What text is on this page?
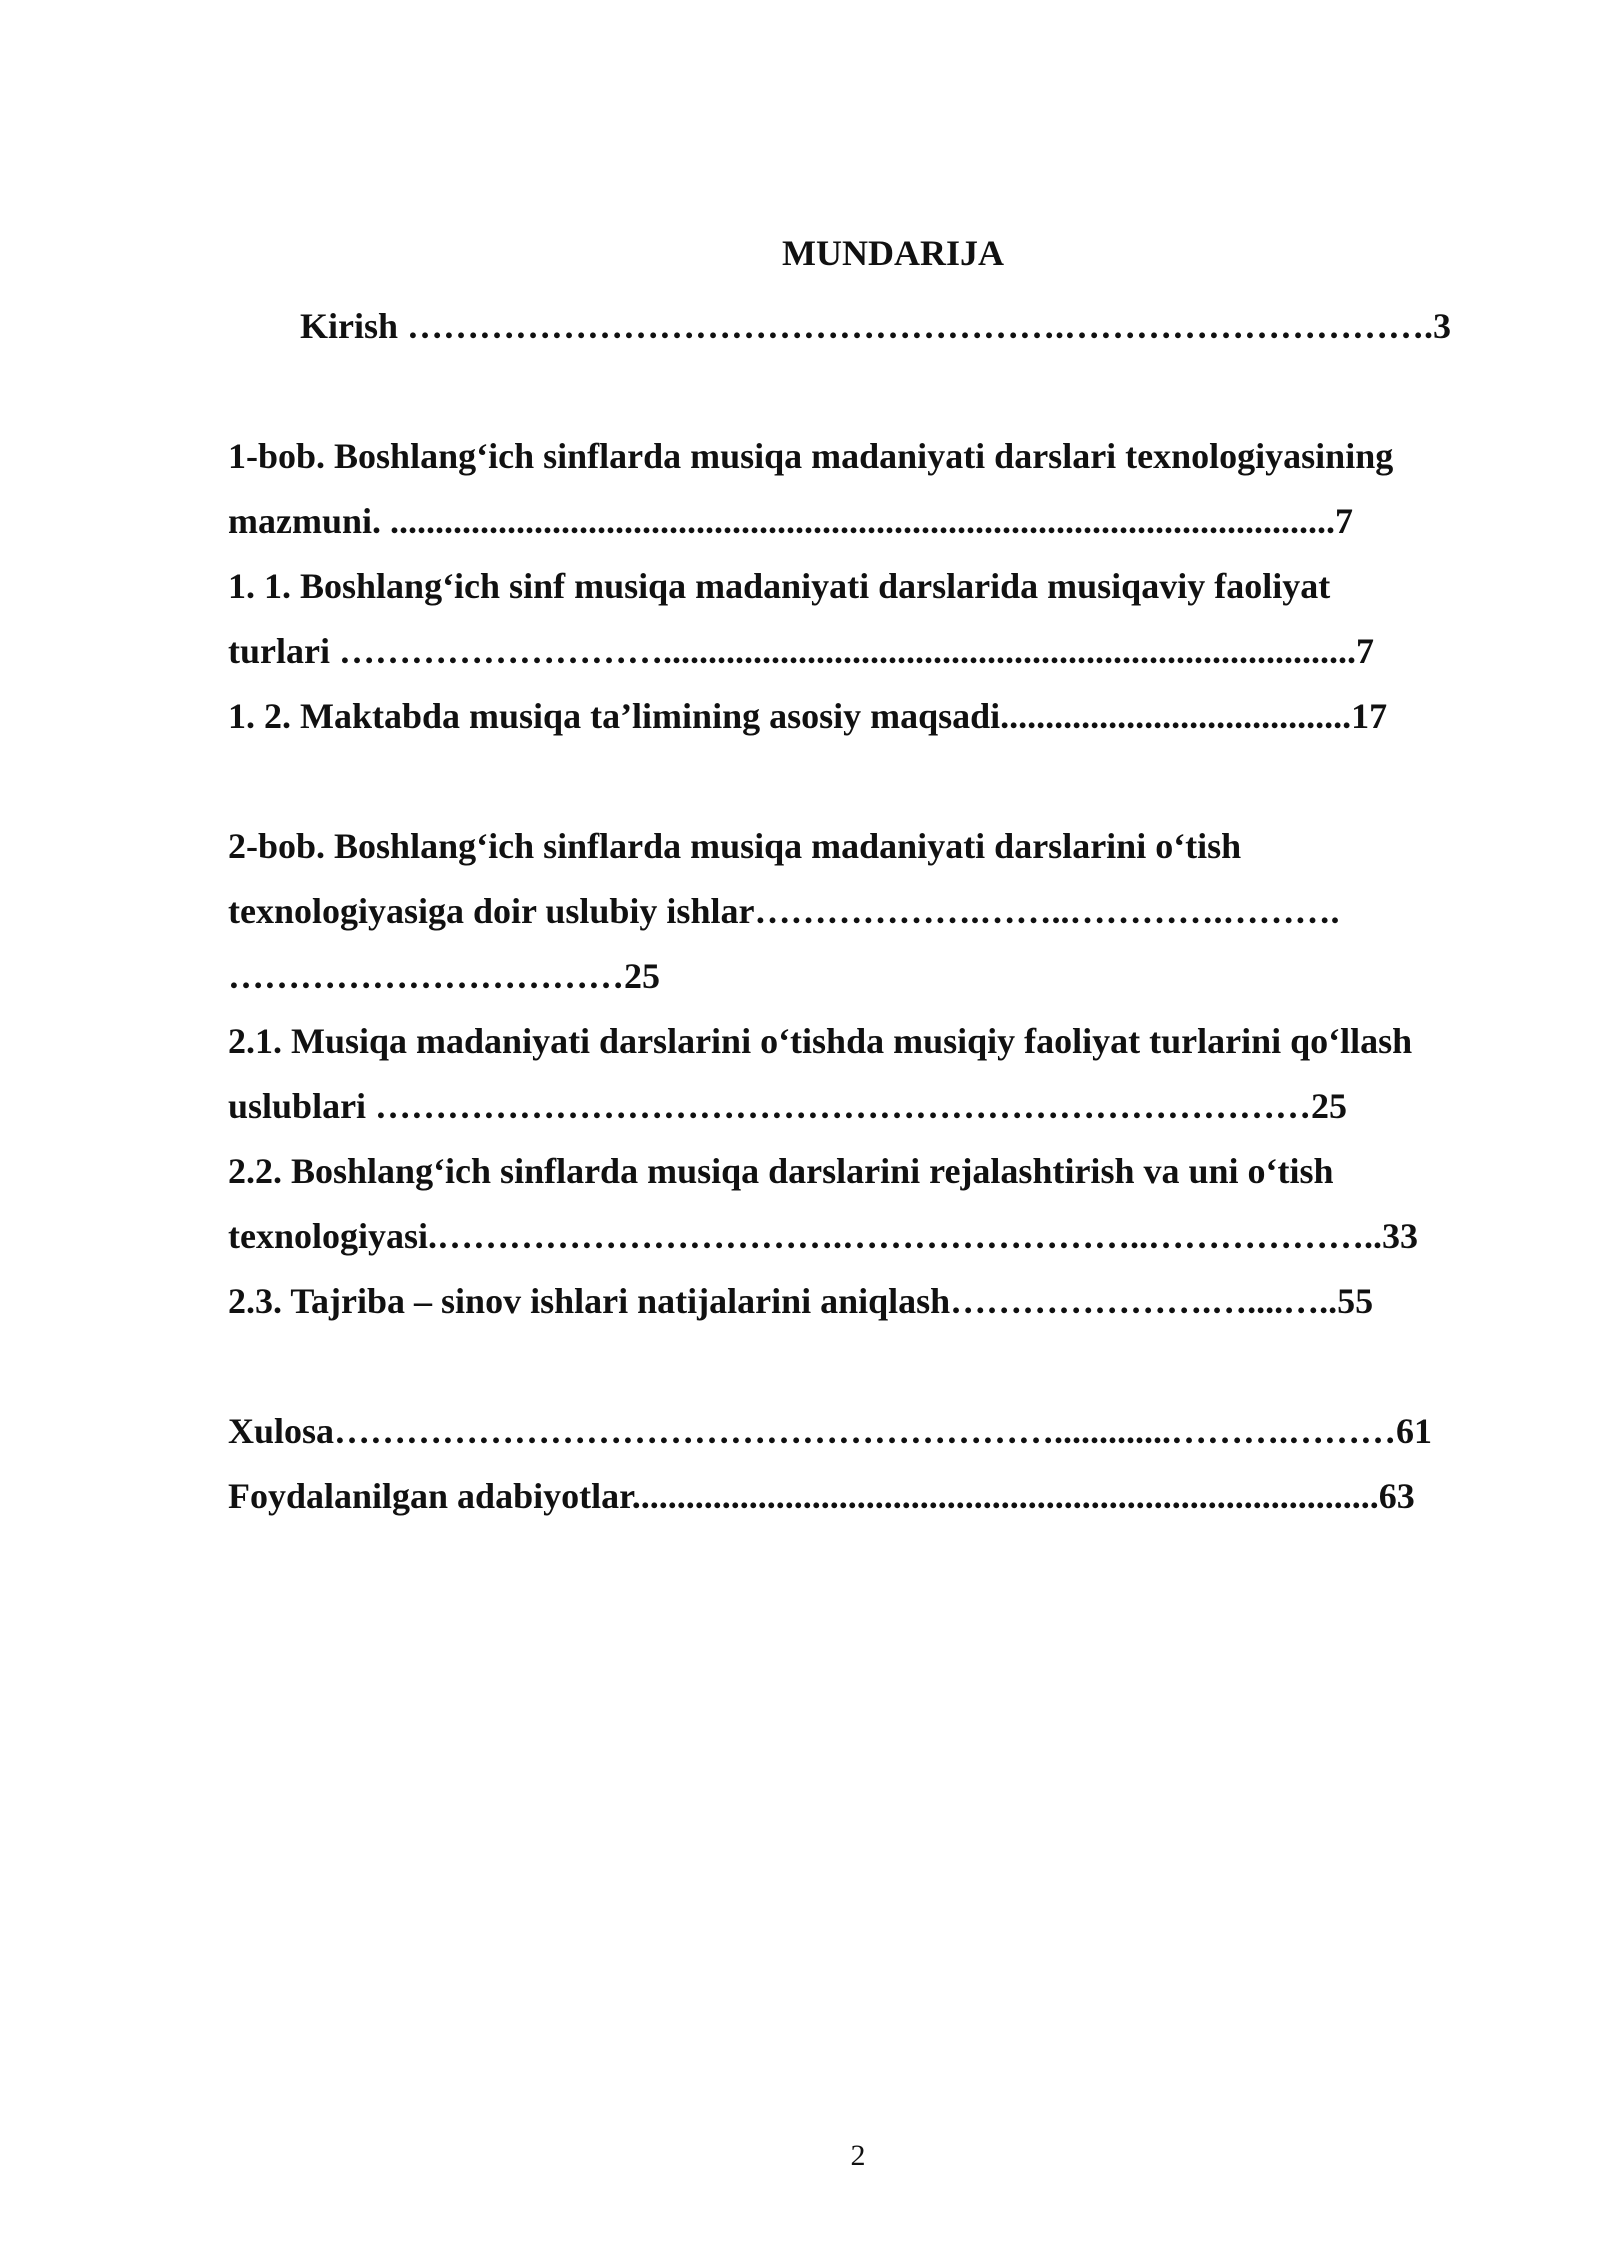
MUNDARIJA
Kirish ……………………………………………….………………………….3
1-bob. Boshlang‘ich sinflarda musiqa madaniyati darslari texnologiyasining
mazmuni. .........................................................................................................7
1. 1. Boshlang‘ich sinf musiqa madaniyati darslarida musiqaviy faoliyat
turlari ……………………….............................................................................7
1. 2. Maktabda musiqa ta’limining asosiy maqsadi.......................................17
2-bob. Boshlang‘ich sinflarda musiqa madaniyati darslarini o‘tish
texnologiyasiga doir uslubiy ishlar……………….……..………….……….
……………………………25
2.1. Musiqa madaniyati darslarini o‘tishda musiqiy faoliyat turlarini qo‘llash
uslublari ……………………………………………………………………25
2.2. Boshlang‘ich sinflarda musiqa darslarini rejalashtirish va uni o‘tish
texnologiyasi.…………………………….……………………..………………..33
2.3. Tajriba – sinov ishlari natijalarini aniqlash………………….…....…..55
Xulosa…………………………………………………….............……….………61
Foydalanilgan adabiyotlar...................................................................................63
2
